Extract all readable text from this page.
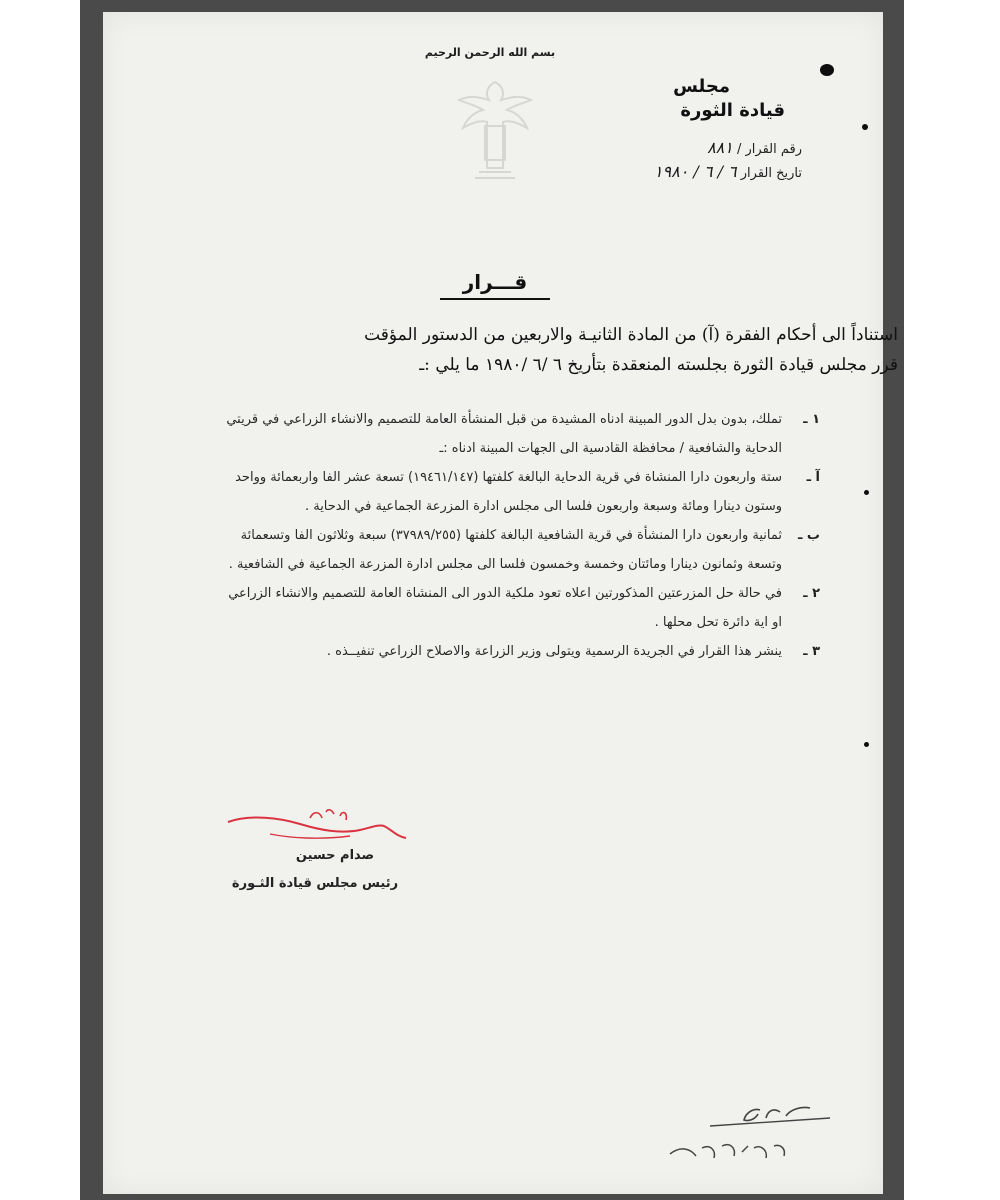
بسم الله الرحمن الرحيم
مجلس
قيادة الثورة
رقم القرار / ٨٨١
تاريخ القرار ٦ / ٦ / ١٩٨٠
قـــرار
استناداً الى أحكام الفقرة (آ) من المادة الثانيـة والاربعين من الدستور المؤقت
قرر مجلس قيادة الثورة بجلسته المنعقدة بتأريخ ٦ /٦ /١٩٨٠ ما يلي :ـ
١ ـ
تملك، بدون بدل الدور المبينة ادناه المشيدة من قبل المنشأة العامة للتصميم والانشاء الزراعي في قريتي الدحاية والشافعية / محافظة القادسية الى الجهات المبينة ادناه :ـ
آ ـ
ستة واربعون دارا المنشاة في قرية الدحاية البالغة كلفتها (١٩٤٦١/١٤٧) تسعة عشر الفا واربعمائة وواحد وستون دينارا ومائة وسبعة واربعون فلسا الى مجلس ادارة المزرعة الجماعية في الدحاية .
ب ـ
ثمانية واربعون دارا المنشأة في قرية الشافعية البالغة كلفتها (٣٧٩٨٩/٢٥٥) سبعة وثلاثون الفا وتسعمائة وتسعة وثمانون دينارا ومائتان وخمسة وخمسون فلسا الى مجلس ادارة المزرعة الجماعية في الشافعية .
٢ ـ
في حالة حل المزرعتين المذكورتين اعلاه تعود ملكية الدور الى المنشاة العامة للتصميم والانشاء الزراعي او اية دائرة تحل محلها .
٣ ـ
ينشر هذا القرار في الجريدة الرسمية ويتولى وزير الزراعة والاصلاح الزراعي تنفيــذه .
صدام حسين
رئيس مجلس قيادة الثـورة
